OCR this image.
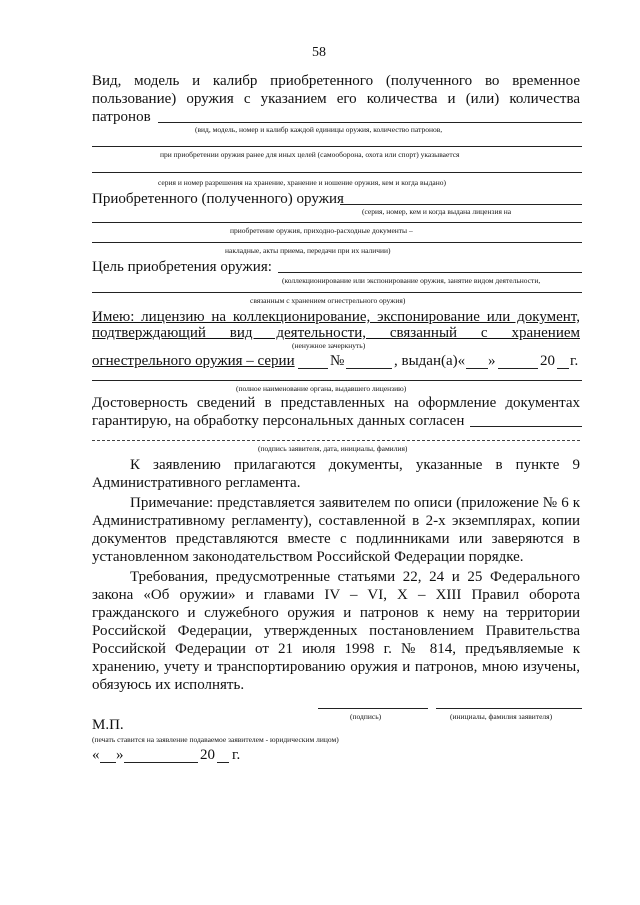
58
Вид, модель и калибр приобретенного (полученного во временное
пользование) оружия с указанием его количества и (или) количества
патронов
(вид, модель, номер и калибр каждой единицы оружия, количество патронов,
при приобретении оружия ранее для иных целей (самооборона, охота или спорт) указывается
серия и номер разрешения на хранение, хранение и ношение оружия, кем и когда выдано)
Приобретенного (полученного) оружия
(серия, номер, кем и когда выдана лицензия на
приобретение оружия, приходно-расходные документы –
накладные, акты приема, передачи при их наличии)
Цель приобретения оружия:
(коллекционирование или экспонирование оружия, занятие видом деятельности,
связанным с хранением огнестрельного оружия)
Имею: лицензию на коллекционирование, экспонирование или документ,
подтверждающий вид деятельности, связанный с хранением
(ненужное зачеркнуть)
огнестрельного оружия – серии №	, выдан(а)« »	20 г.
(полное наименование органа, выдавшего лицензию)
Достоверность сведений в представленных на оформление документах
гарантирую, на обработку персональных данных согласен
(подпись заявителя, дата, инициалы, фамилия)
К заявлению прилагаются документы, указанные в пункте 9
Административного регламента.
Примечание: представляется заявителем по описи (приложение № 6 к
Административному регламенту), составленной в 2-х экземплярах, копии
документов представляются вместе с подлинниками или заверяются в
установленном законодательством Российской Федерации порядке.
Требования, предусмотренные статьями 22, 24 и 25 Федерального
закона «Об оружии» и главами IV – VI, X – XIII Правил оборота
гражданского и служебного оружия и патронов к нему на территории
Российской Федерации, утвержденных постановлением Правительства
Российской Федерации от 21 июля 1998 г. № 814, предъявляемые к
хранению, учету и транспортированию оружия и патронов, мною изучены,
обязуюсь их исполнять.
(подпись)	(инициалы, фамилия заявителя)
М.П.
(печать ставится на заявление подаваемое заявителем - юридическим лицом)
« »	20 г.
